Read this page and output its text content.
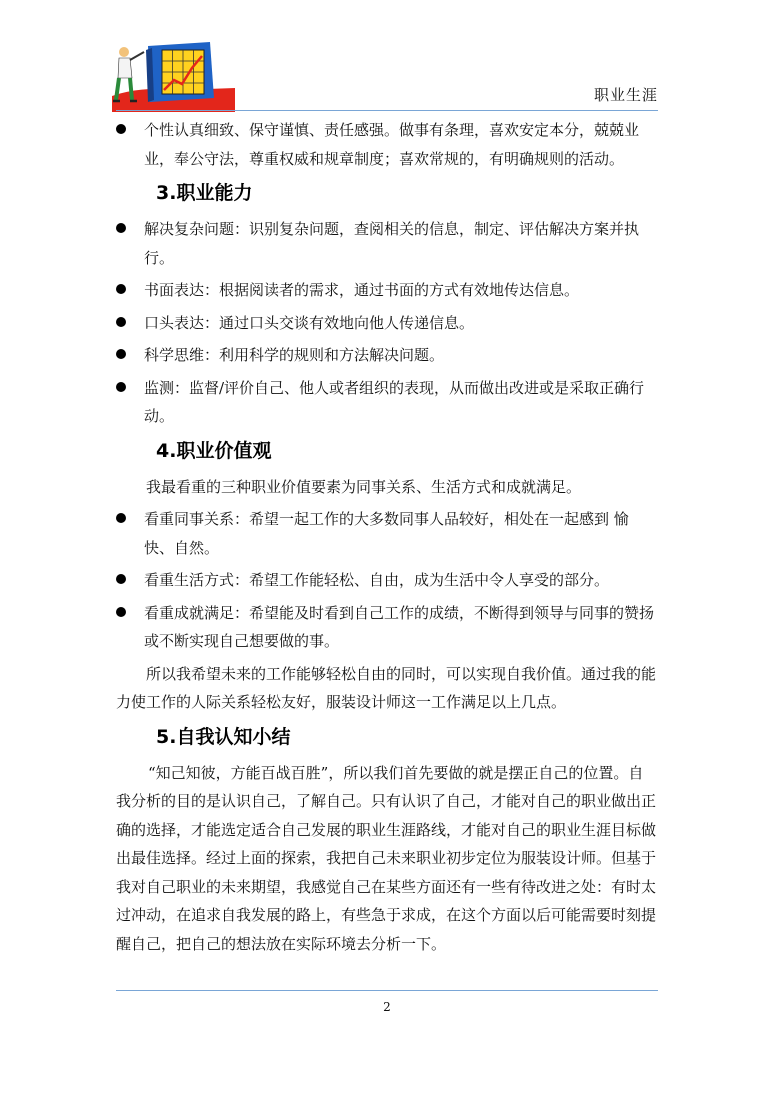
职业生涯
个性认真细致、保守谨慎、责任感强。做事有条理，喜欢安定本分，兢兢业业，奉公守法，尊重权威和规章制度；喜欢常规的，有明确规则的活动。
3.职业能力
解决复杂问题：识别复杂问题，查阅相关的信息，制定、评估解决方案并执行。
书面表达：根据阅读者的需求，通过书面的方式有效地传达信息。
口头表达：通过口头交谈有效地向他人传递信息。
科学思维：利用科学的规则和方法解决问题。
监测：监督/评价自己、他人或者组织的表现，从而做出改进或是采取正确行动。
4.职业价值观
我最看重的三种职业价值要素为同事关系、生活方式和成就满足。
看重同事关系：希望一起工作的大多数同事人品较好，相处在一起感到 愉快、自然。
看重生活方式：希望工作能轻松、自由，成为生活中令人享受的部分。
看重成就满足：希望能及时看到自己工作的成绩，不断得到领导与同事的赞扬或不断实现自己想要做的事。
所以我希望未来的工作能够轻松自由的同时，可以实现自我价值。通过我的能力使工作的人际关系轻松友好，服装设计师这一工作满足以上几点。
5.自我认知小结
“知己知彼，方能百战百胜”，所以我们首先要做的就是摆正自己的位置。自我分析的目的是认识自己，了解自己。只有认识了自己，才能对自己的职业做出正确的选择，才能选定适合自己发展的职业生涯路线，才能对自己的职业生涯目标做出最佳选择。经过上面的探索，我把自己未来职业初步定位为服装设计师。但基于我对自己职业的未来期望，我感觉自己在某些方面还有一些有待改进之处：有时太过冲动，在追求自我发展的路上，有些急于求成，在这个方面以后可能需要时刻提醒自己，把自己的想法放在实际环境去分析一下。
2
